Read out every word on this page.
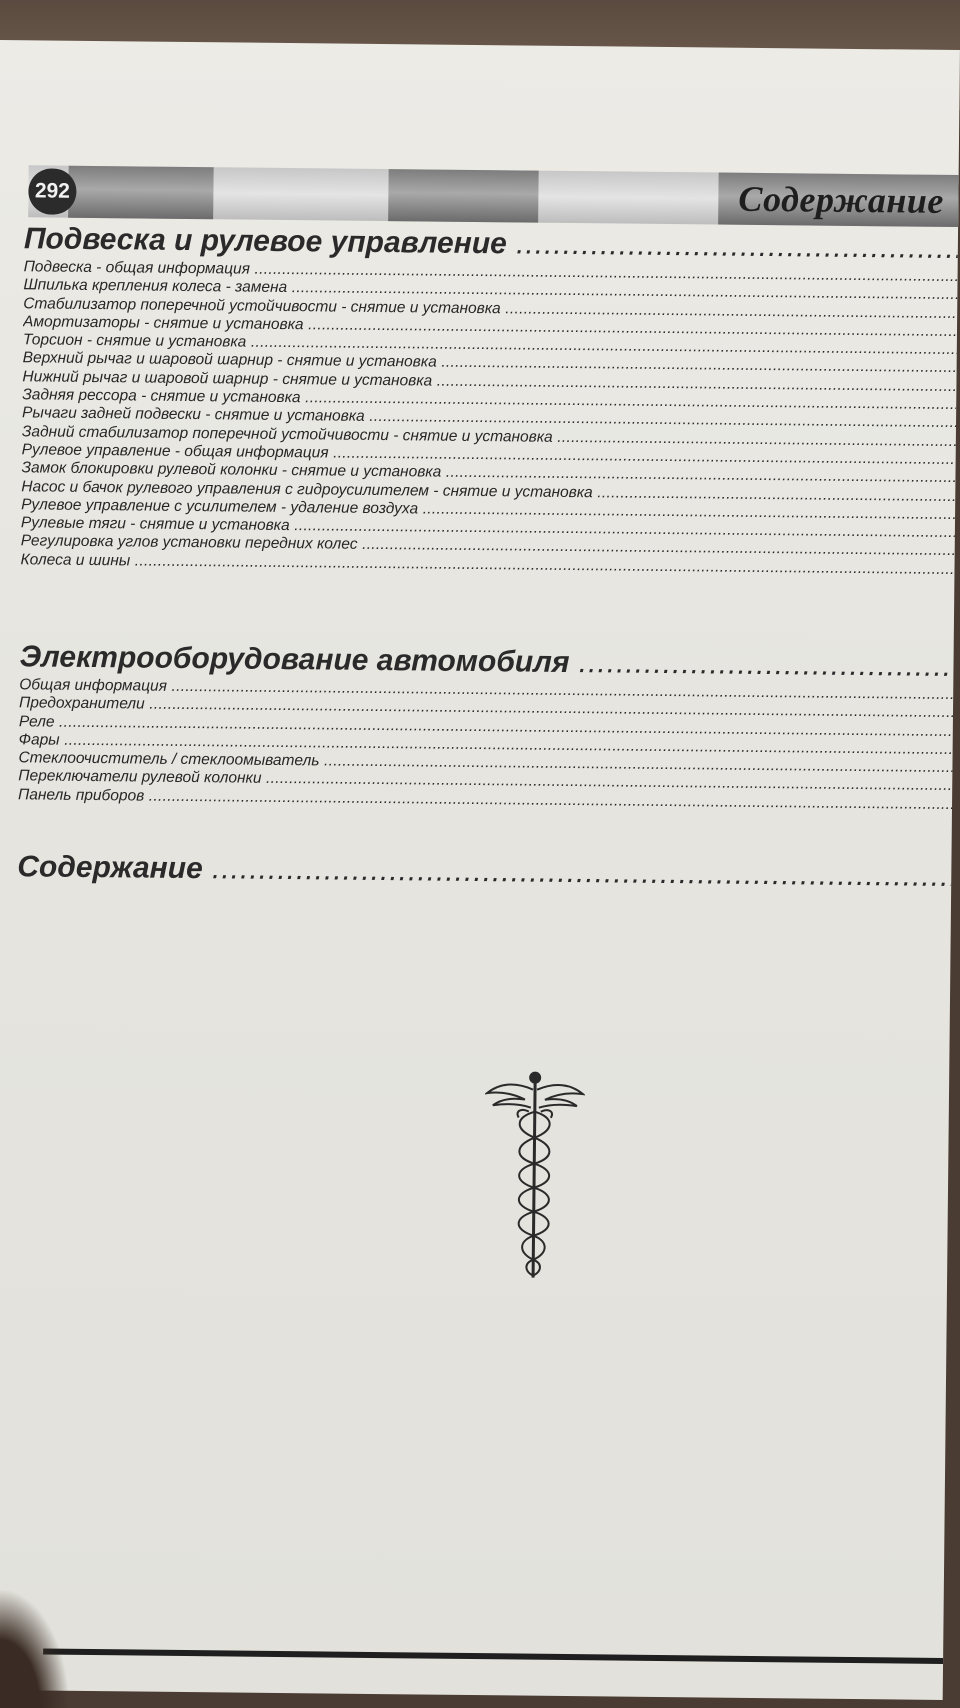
292	Содержание
Подвеска и рулевое управление .....
Подвеска - общая информация .....
Шпилька крепления колеса - замена .....
Стабилизатор поперечной устойчивости - снятие и установка .....
Амортизаторы - снятие и установка .....
Торсион - снятие и установка .....
Верхний рычаг и шаровой шарнир - снятие и установка .....
Нижний рычаг и шаровой шарнир - снятие и установка .....
Задняя рессора - снятие и установка .....
Рычаги задней подвески - снятие и установка .....
Задний стабилизатор поперечной устойчивости - снятие и установка .....
Рулевое управление - общая информация .....
Замок блокировки рулевой колонки - снятие и установка .....
Насос и бачок рулевого управления с гидроусилителем - снятие и установка .....
Рулевое управление с усилителем - удаление воздуха .....
Рулевые тяги - снятие и установка .....
Регулировка углов установки передних колес .....
Колеса и шины .....
Электрооборудование автомобиля .....
Общая информация .....
Предохранители .....
Реле .....
Фары .....
Стеклоочиститель / стеклоомыватель .....
Переключатели рулевой колонки .....
Панель приборов .....
Содержание .....
